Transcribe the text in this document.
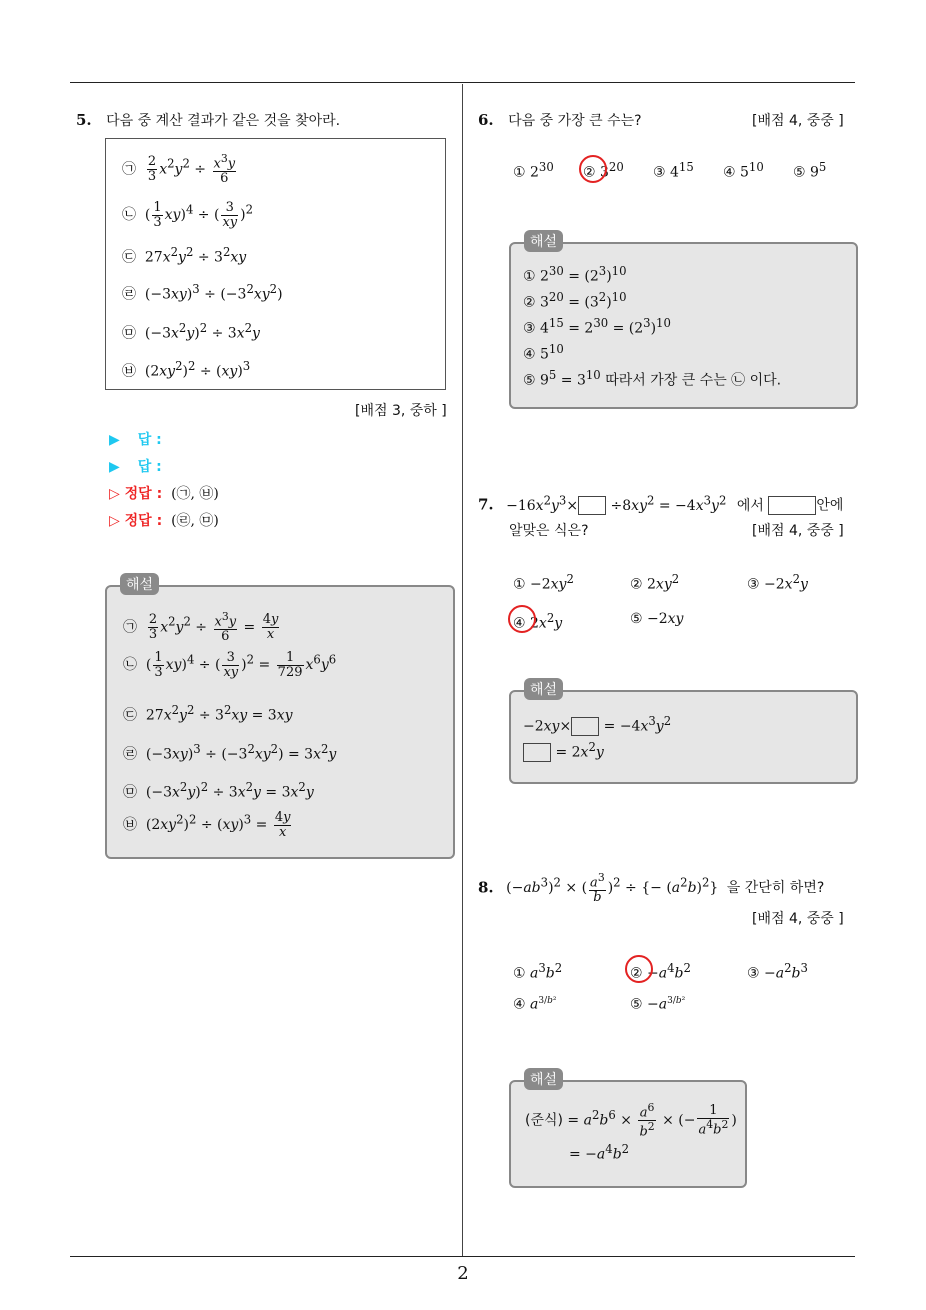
2
5. 다음 중 계산 결과가 같은 것을 찾아라.
㉠ $\frac{2}{3} x^2y^2 \div \frac{x^3y}{6}$
㉡  ( $\frac{1}{3} xy)^4$ ÷ ( $\frac{3}{xy} )^2$
㉢  $27x^2y^2 \div 3^2xy$
㉣  $(-3xy)^3 \div (-3^2xy^2)$
㉤  $(-3x^2y)^2 \div 3x^2y$
㉥  $(2xy^2)^2 \div (xy)^3$
[배점 3, 중하 ]
▶ 답 :
▶ 답 :
▷ 정답 : (㉠, ㉥)
▷ 정답 : (㉣, ㉤)
㉠ $\frac{2}{3} x^2y^2 \div \frac{x^3y}{6} = \frac{4y}{x}$
㉡  ( $\frac{1}{3} xy)^4$ ÷ ( $\frac{3}{xy} )^2 = \frac{1}{729} x^6y^6$
㉢  $27x^2y^2 \div 3^2xy = 3xy$
㉣  $(-3xy)^3 \div (-3^2xy^2) = 3x^2y$
㉤  $(-3x^2y)^2 \div 3x^2y = 3x^2y$
㉥  $(2xy^2)^2 \div (xy)^3 = \frac{4y}{x}$
해설
6. 다음 중 가장 큰 수는?	[배점 4, 중중 ]
① $2^{30}$ ② $3^{20}$ ③ $4^{15}$ ④ $5^{10}$ ⑤ $9^5$
① $2^{30} = (2^3)^{10}$
② $3^{20} = (3^2)^{10}$
③ $4^{15} = 2^{30} = (2^3)^{10}$
④ $5^{10}$
⑤ $9^5 = 3^{10}$ 따라서 가장 큰 수는 ㉡ 이다.
해설
7. $-16x^2y^3\times \div 8xy^2 = -4x^3y^2$ 에서	안에
알맞은 식은?	[배점 4, 중중 ]
① $-2xy^2$	② $2xy^2$	③ $-2x^2y$
④ $2x^2y$	⑤ −2xy
$-2xy\times = -4x^3y^2$
= $2x^2y$
해설
8. $(-ab^3)^2$ × ( $\frac{a^3}{b} )^2$ ÷ {− $(a^2b)^2$} 을 간단히 하면?
[배점 4, 중중 ]
① $a^3b^2$	② $-a^4b^2$	③ $-a^2b^3$
④ $a^{3/b^2}$	⑤ $-a^{3/b^2}$
(준식) = $a^2b^6 \times \frac{a^6}{b^2}$ × (− $\frac{1}{a^4b^2}$ )
= $-a^4b^2$
해설
